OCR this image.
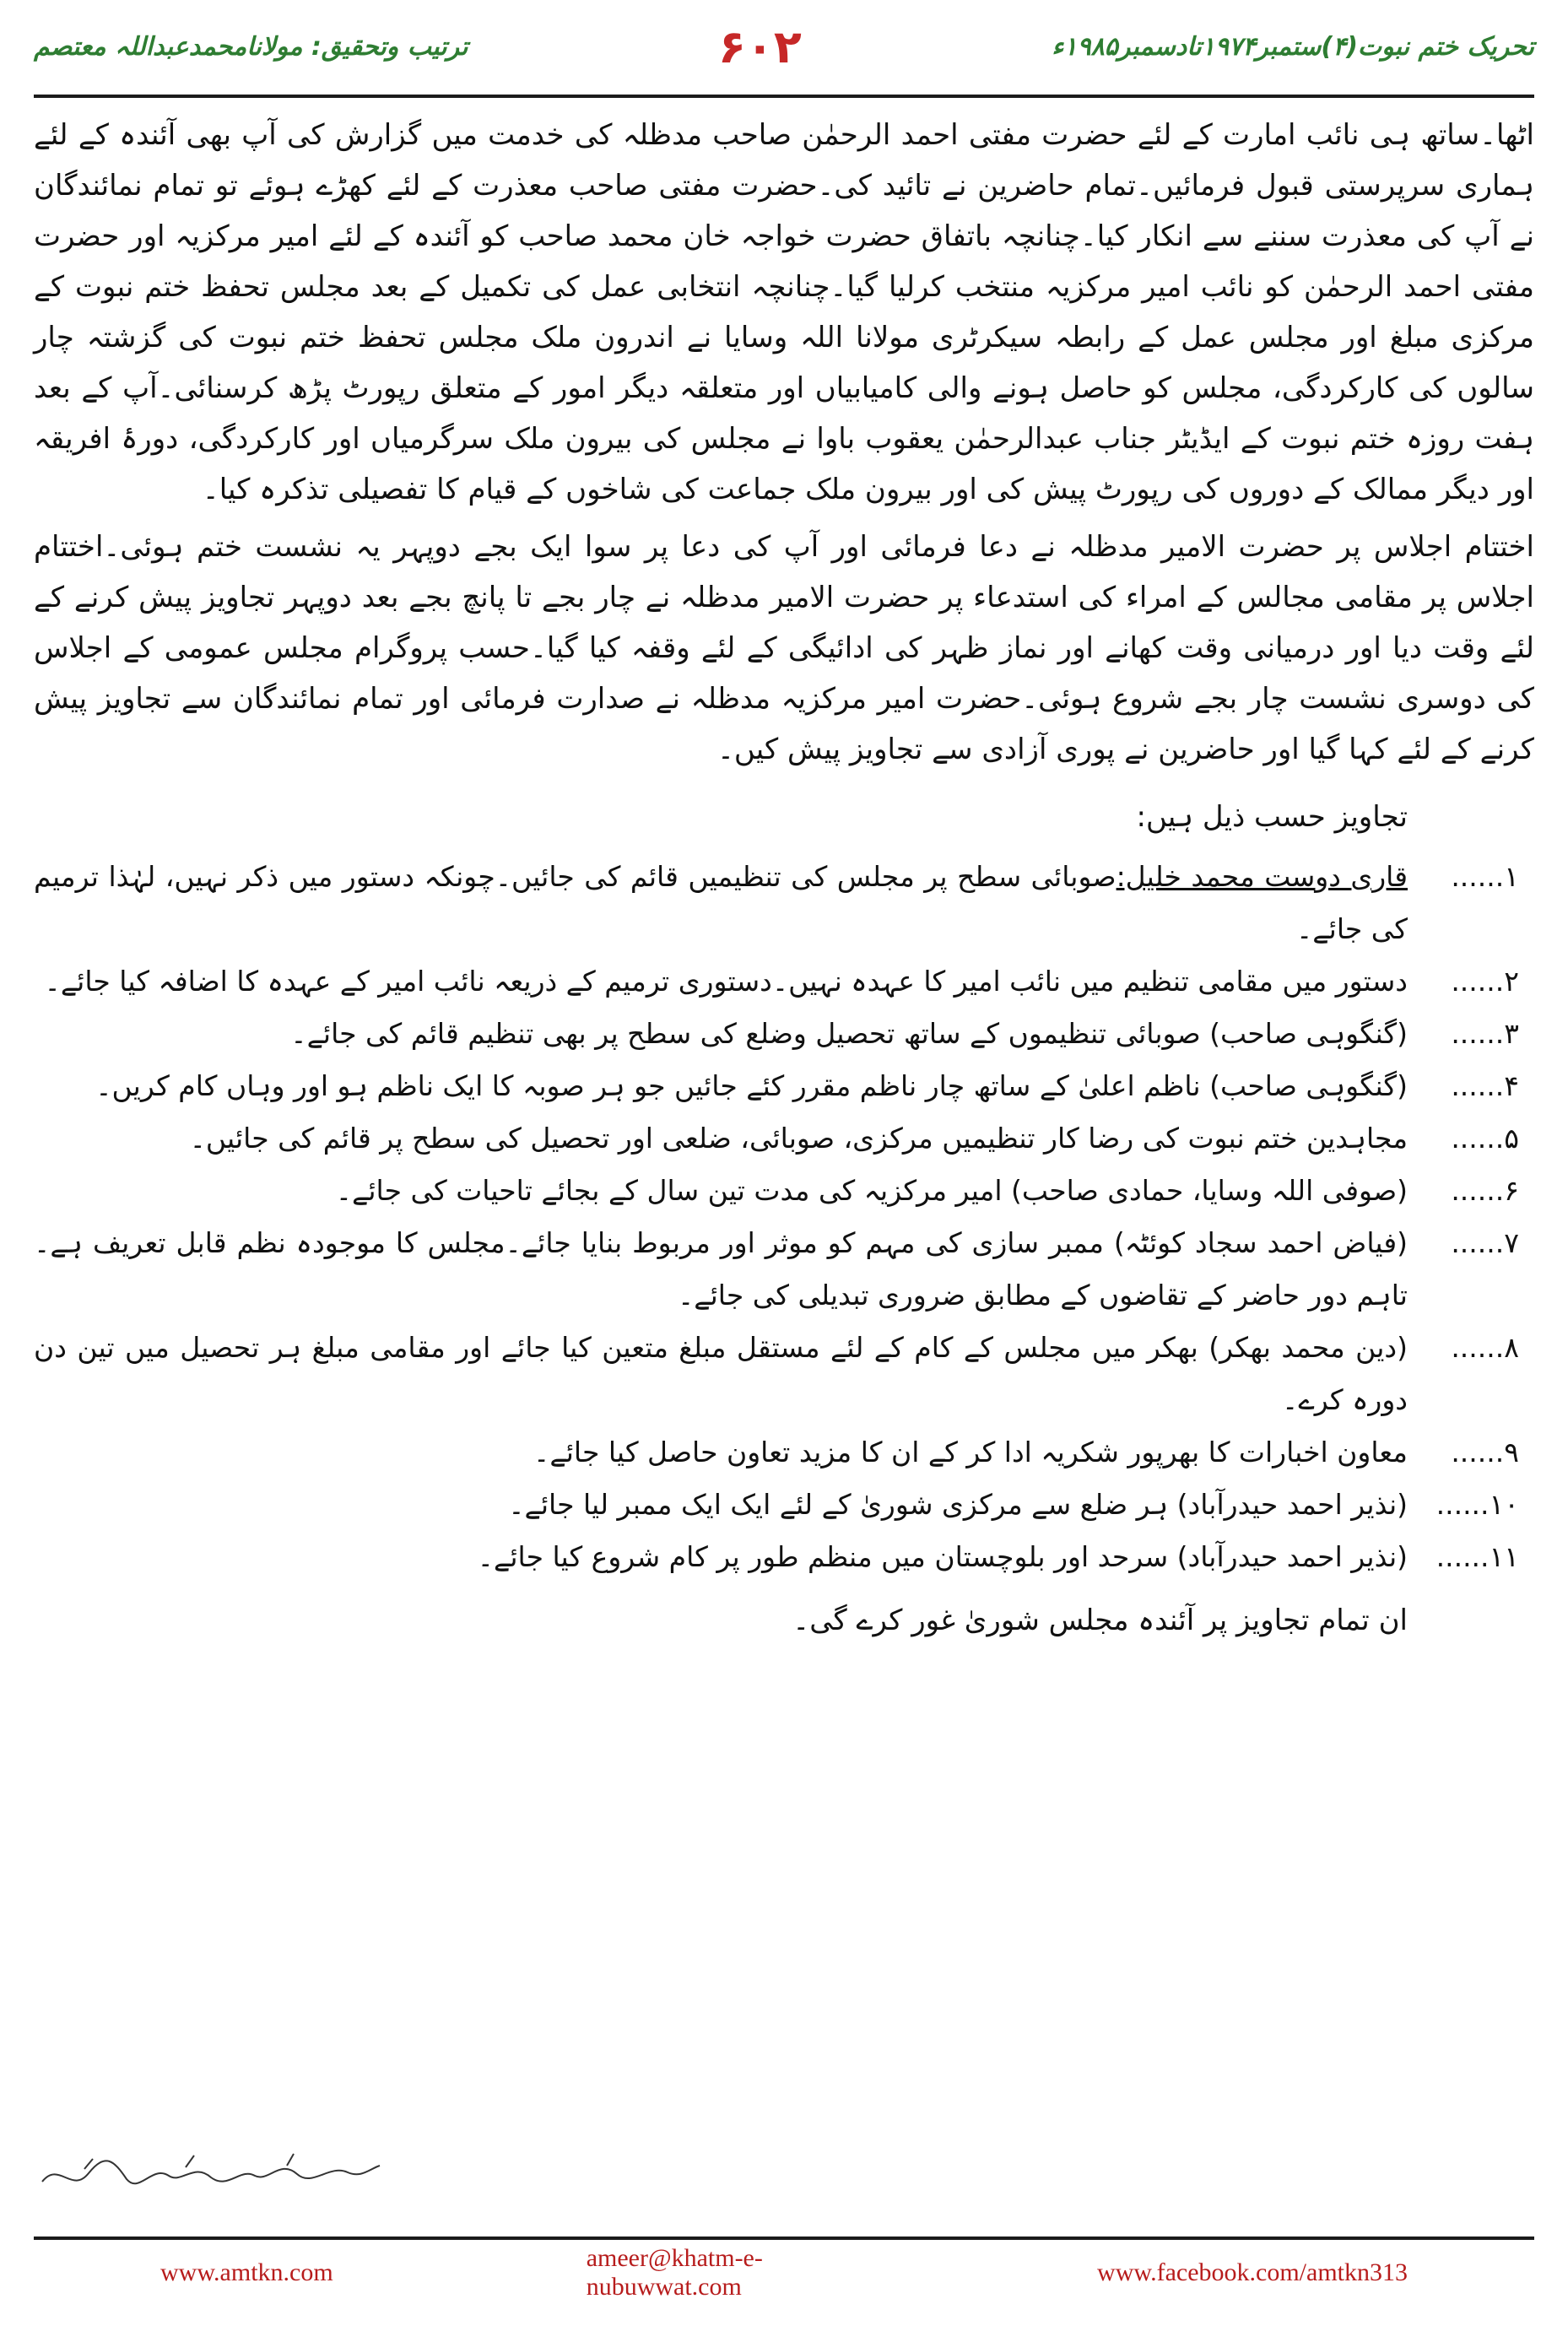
ترتیب وتحقیق: مولانامحمدعبداللہ معتصم	۶۰۲	تحریک ختم نبوت(۴)ستمبر۱۹۷۴تادسمبر۱۹۸۵ء

اٹھا۔ساتھ ہی نائب امارت کے لئے حضرت مفتی احمد الرحمٰن صاحب مدظلہ کی خدمت میں گزارش کی آپ بھی آئندہ کے لئے ہماری سرپرستی قبول فرمائیں۔تمام حاضرین نے تائید کی۔حضرت مفتی صاحب معذرت کے لئے کھڑے ہوئے تو تمام نمائندگان نے آپ کی معذرت سننے سے انکار کیا۔چنانچہ باتفاق حضرت خواجہ خان محمد صاحب کو آئندہ کے لئے امیر مرکزیہ اور حضرت مفتی احمد الرحمٰن کو نائب امیر مرکزیہ منتخب کرلیا گیا۔چنانچہ انتخابی عمل کی تکمیل کے بعد مجلس تحفظ ختم نبوت کے مرکزی مبلغ اور مجلس عمل کے رابطہ سیکرٹری مولانا اللہ وسایا نے اندرون ملک مجلس تحفظ ختم نبوت کی گزشتہ چار سالوں کی کارکردگی، مجلس کو حاصل ہونے والی کامیابیاں اور متعلقہ دیگر امور کے متعلق رپورٹ پڑھ کرسنائی۔آپ کے بعد ہفت روزہ ختم نبوت کے ایڈیٹر جناب عبدالرحمٰن یعقوب باوا نے مجلس کی بیرون ملک سرگرمیاں اور کارکردگی، دورۂ افریقہ اور دیگر ممالک کے دوروں کی رپورٹ پیش کی اور بیرون ملک جماعت کی شاخوں کے قیام کا تفصیلی تذکرہ کیا۔

اختتام اجلاس پر حضرت الامیر مدظلہ نے دعا فرمائی اور آپ کی دعا پر سوا ایک بجے دوپہر یہ نشست ختم ہوئی۔اختتام اجلاس پر مقامی مجالس کے امراء کی استدعاء پر حضرت الامیر مدظلہ نے چار بجے تا پانچ بجے بعد دوپہر تجاویز پیش کرنے کے لئے وقت دیا اور درمیانی وقت کھانے اور نماز ظہر کی ادائیگی کے لئے وقفہ کیا گیا۔حسب پروگرام مجلس عمومی کے اجلاس کی دوسری نشست چار بجے شروع ہوئی۔حضرت امیر مرکزیہ مدظلہ نے صدارت فرمائی اور تمام نمائندگان سے تجاویز پیش کرنے کے لئے کہا گیا اور حاضرین نے پوری آزادی سے تجاویز پیش کیں۔

تجاویز حسب ذیل ہیں:

۱......
قاری دوست محمد خلیل:صوبائی سطح پر مجلس کی تنظیمیں قائم کی جائیں۔چونکہ دستور میں ذکر نہیں، لہٰذا ترمیم کی جائے۔
۲......
دستور میں مقامی تنظیم میں نائب امیر کا عہدہ نہیں۔دستوری ترمیم کے ذریعہ نائب امیر کے عہدہ کا اضافہ کیا جائے۔
۳......
(گنگوہی صاحب) صوبائی تنظیموں کے ساتھ تحصیل وضلع کی سطح پر بھی تنظیم قائم کی جائے۔
۴......
(گنگوہی صاحب) ناظم اعلیٰ کے ساتھ چار ناظم مقرر کئے جائیں جو ہر صوبہ کا ایک ناظم ہو اور وہاں کام کریں۔
۵......
مجاہدین ختم نبوت کی رضا کار تنظیمیں مرکزی، صوبائی، ضلعی اور تحصیل کی سطح پر قائم کی جائیں۔
۶......
(صوفی اللہ وسایا، حمادی صاحب) امیر مرکزیہ کی مدت تین سال کے بجائے تاحیات کی جائے۔
۷......
(فیاض احمد سجاد کوئٹہ) ممبر سازی کی مہم کو موثر اور مربوط بنایا جائے۔مجلس کا موجودہ نظم قابل تعریف ہے۔تاہم دور حاضر کے تقاضوں کے مطابق ضروری تبدیلی کی جائے۔
۸......
(دین محمد بھکر) بھکر میں مجلس کے کام کے لئے مستقل مبلغ متعین کیا جائے اور مقامی مبلغ ہر تحصیل میں تین دن دورہ کرے۔
۹......
معاون اخبارات کا بھرپور شکریہ ادا کر کے ان کا مزید تعاون حاصل کیا جائے۔
۱۰......
(نذیر احمد حیدرآباد) ہر ضلع سے مرکزی شوریٰ کے لئے ایک ایک ممبر لیا جائے۔
۱۱......
(نذیر احمد حیدرآباد) سرحد اور بلوچستان میں منظم طور پر کام شروع کیا جائے۔

ان تمام تجاویز پر آئندہ مجلس شوریٰ غور کرے گی۔

www.amtkn.com
ameer@khatm-e-nubuwwat.com
www.facebook.com/amtkn313
